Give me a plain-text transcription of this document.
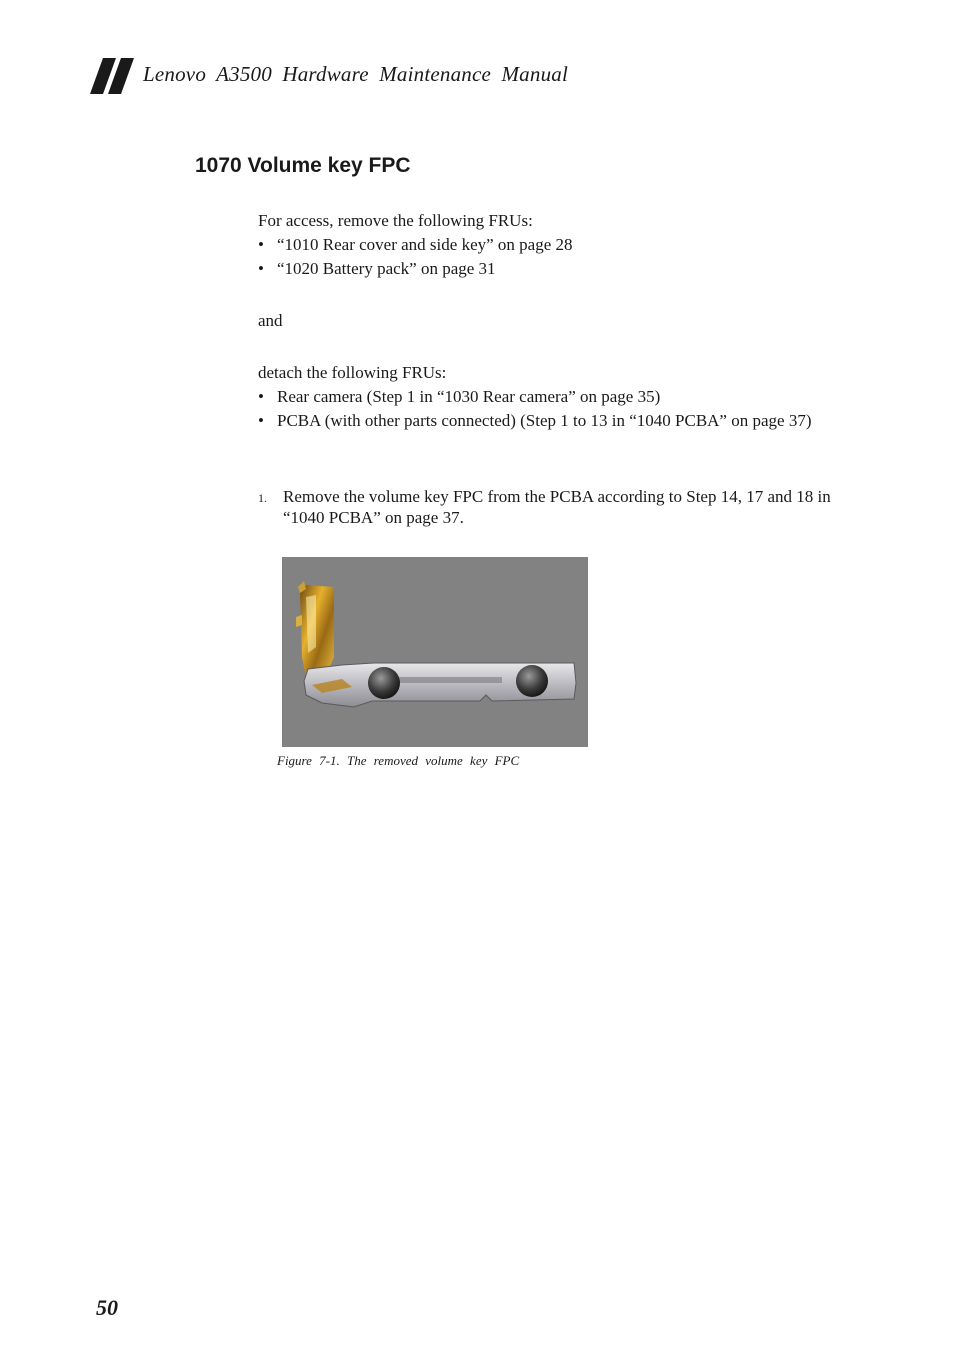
Lenovo A3500 Hardware Maintenance Manual
1070 Volume key FPC
For access, remove the following FRUs:
• “1010 Rear cover and side key” on page 28
• “1020 Battery pack” on page 31
and
detach the following FRUs:
• Rear camera (Step 1 in “1030 Rear camera” on page 35)
• PCBA (with other parts connected) (Step 1 to 13 in “1040 PCBA” on page 37)
1. Remove the volume key FPC from the PCBA according to Step 14, 17 and 18 in “1040 PCBA” on page 37.
Figure 7-1. The removed volume key FPC
50
